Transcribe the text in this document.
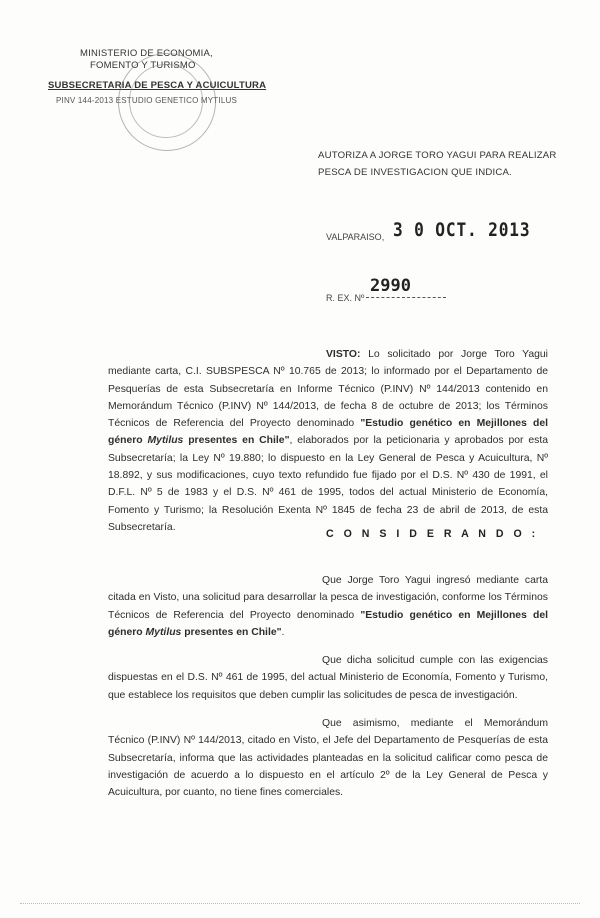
MINISTERIO DE ECONOMIA,
FOMENTO Y TURISMO
SUBSECRETARIA DE PESCA Y ACUICULTURA
PINV 144-2013 ESTUDIO GENETICO MYTILUS
AUTORIZA A JORGE TORO YAGUI PARA REALIZAR PESCA DE INVESTIGACION QUE INDICA.
VALPARAISO, 3 0 OCT. 2013
R. EX. Nº
2990
VISTO: Lo solicitado por Jorge Toro Yagui mediante carta, C.I. SUBSPESCA Nº 10.765 de 2013; lo informado por el Departamento de Pesquerías de esta Subsecretaría en Informe Técnico (P.INV) Nº 144/2013 contenido en Memorándum Técnico (P.INV) Nº 144/2013, de fecha 8 de octubre de 2013; los Términos Técnicos de Referencia del Proyecto denominado "Estudio genético en Mejillones del género Mytilus presentes en Chile", elaborados por la peticionaria y aprobados por esta Subsecretaría; la Ley Nº 19.880; lo dispuesto en la Ley General de Pesca y Acuicultura, Nº 18.892, y sus modificaciones, cuyo texto refundido fue fijado por el D.S. Nº 430 de 1991, el D.F.L. Nº 5 de 1983 y el D.S. Nº 461 de 1995, todos del actual Ministerio de Economía, Fomento y Turismo; la Resolución Exenta Nº 1845 de fecha 23 de abril de 2013, de esta Subsecretaría.
C O N S I D E R A N D O :
Que Jorge Toro Yagui ingresó mediante carta citada en Visto, una solicitud para desarrollar la pesca de investigación, conforme los Términos Técnicos de Referencia del Proyecto denominado "Estudio genético en Mejillones del género Mytilus presentes en Chile".
Que dicha solicitud cumple con las exigencias dispuestas en el D.S. Nº 461 de 1995, del actual Ministerio de Economía, Fomento y Turismo, que establece los requisitos que deben cumplir las solicitudes de pesca de investigación.
Que asimismo, mediante el Memorándum Técnico (P.INV) Nº 144/2013, citado en Visto, el Jefe del Departamento de Pesquerías de esta Subsecretaría, informa que las actividades planteadas en la solicitud calificar como pesca de investigación de acuerdo a lo dispuesto en el artículo 2º de la Ley General de Pesca y Acuicultura, por cuanto, no tiene fines comerciales.
